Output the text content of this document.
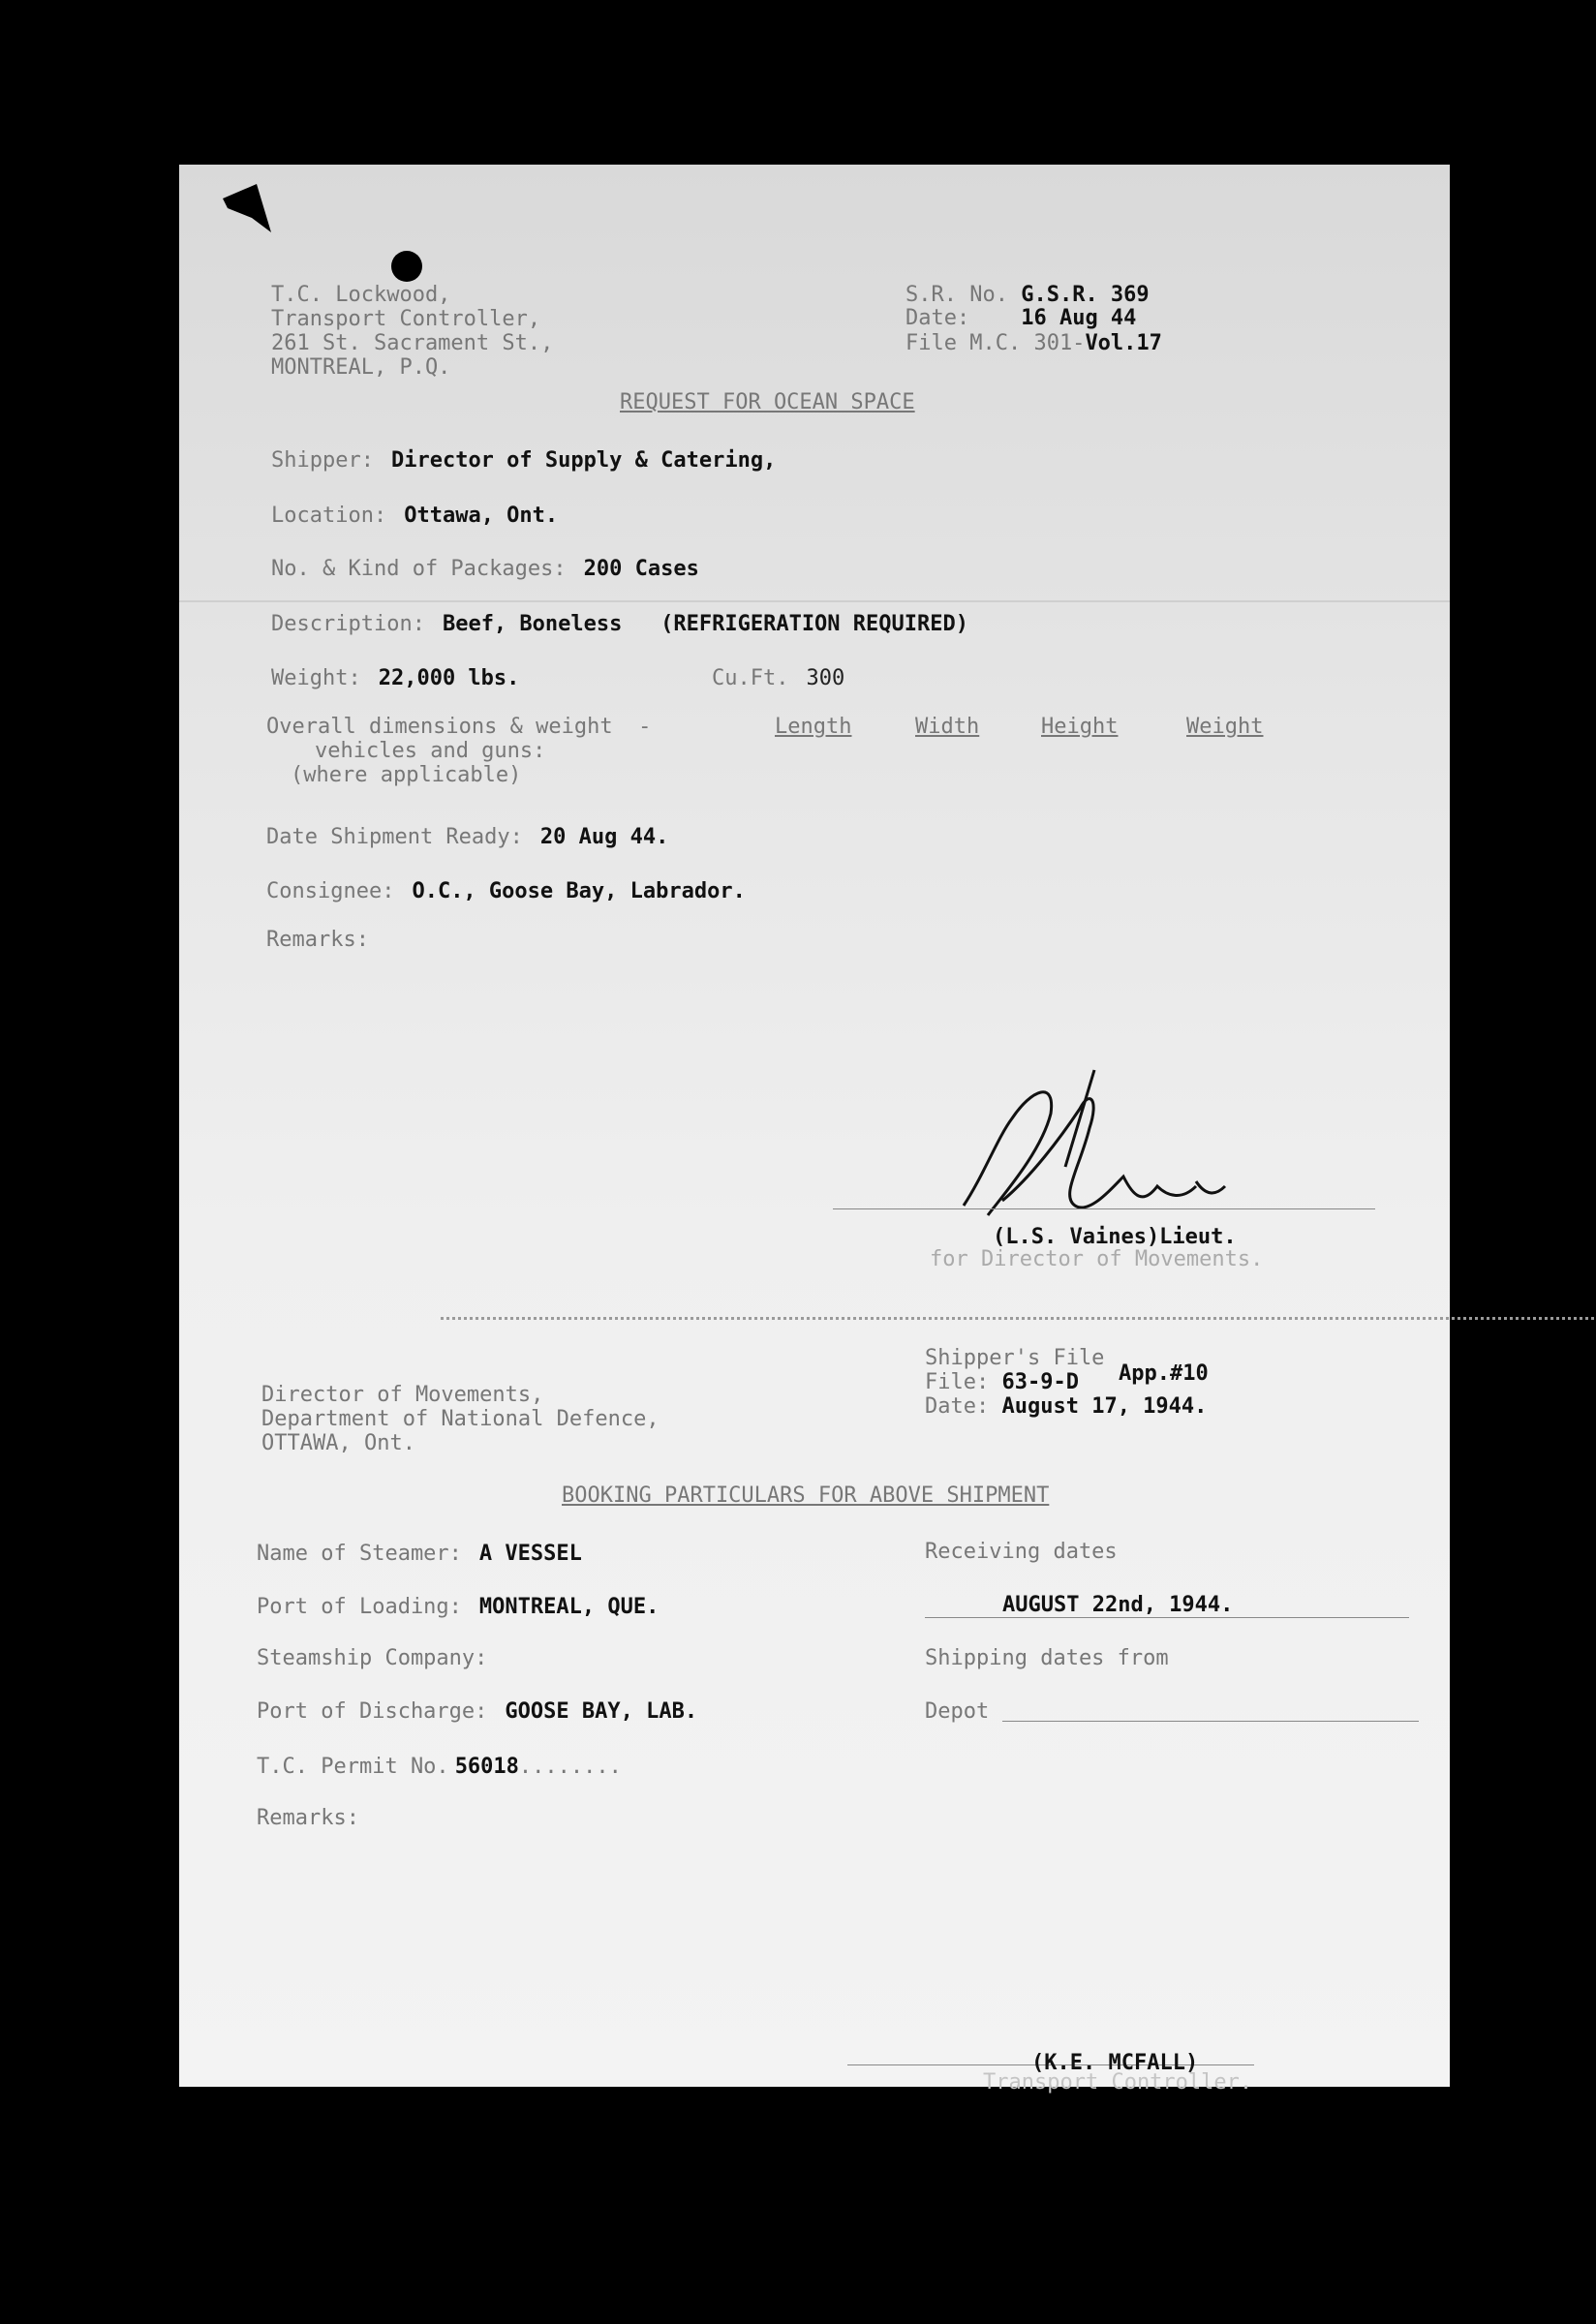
T.C. Lockwood,
Transport Controller,
261 St. Sacrament St.,
MONTREAL, P.Q.
S.R. No. G.S.R. 369
Date: 16 Aug 44
File M.C. 301-Vol.17
REQUEST FOR OCEAN SPACE
Shipper: Director of Supply & Catering,
Location: Ottawa, Ont.
No. & Kind of Packages: 200 Cases
Description: Beef, Boneless   (REFRIGERATION REQUIRED)
Weight: 22,000 lbs.	Cu.Ft. 300
Overall dimensions & weight  -
vehicles and guns:
(where applicable)
Length	Width	Height	Weight
Date Shipment Ready: 20 Aug 44.
Consignee: O.C., Goose Bay, Labrador.
Remarks:
(L.S. Vaines)Lieut.
for Director of Movements.
Director of Movements,
Department of National Defence,
OTTAWA, Ont.
Shipper's File
App.#10
File: 63-9-D
Date: August 17, 1944.
BOOKING PARTICULARS FOR ABOVE SHIPMENT
Name of Steamer: A VESSEL
Port of Loading: MONTREAL, QUE.
Steamship Company:
Port of Discharge: GOOSE BAY, LAB.
T.C. Permit No. 56018........
Remarks:
Receiving dates
AUGUST 22nd, 1944.
Shipping dates from
Depot
(K.E. MCFALL)
Transport Controller.
